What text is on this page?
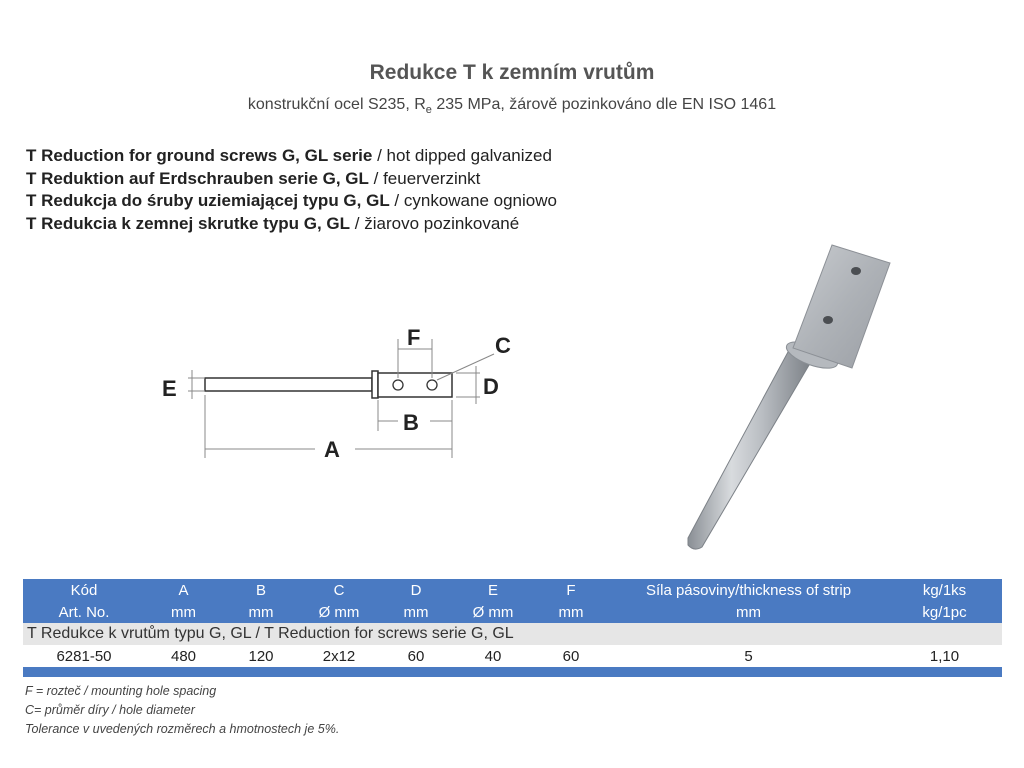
Redukce T k zemním vrutům
konstrukční ocel S235, $R_e$ 235 MPa, žárově pozinkováno dle EN ISO 1461
T Reduction for ground screws G, GL serie / hot dipped galvanized
T Reduktion auf Erdschrauben serie G, GL / feuerverzinkt
T Redukcja do śruby uziemiającej typu G, GL / cynkowane ogniowo
T Redukcia k zemnej skrutke typu G, GL / žiarovo pozinkované
E
A
B
D
F	C
Kód	A	B	C	D	E	F	Síla pásoviny/thickness of strip	kg/1ks
Art. No.	mm	mm	Ø mm	mm	Ø mm	mm	mm	kg/1pc
T Redukce k vrutům typu G, GL / T Reduction for screws serie G, GL								
6281-50	480	120	2x12	60	40	60	5	1,10

F = rozteč / mounting hole spacing
C= průměr díry / hole diameter
Tolerance v uvedených rozměrech a hmotnostech je 5%.
